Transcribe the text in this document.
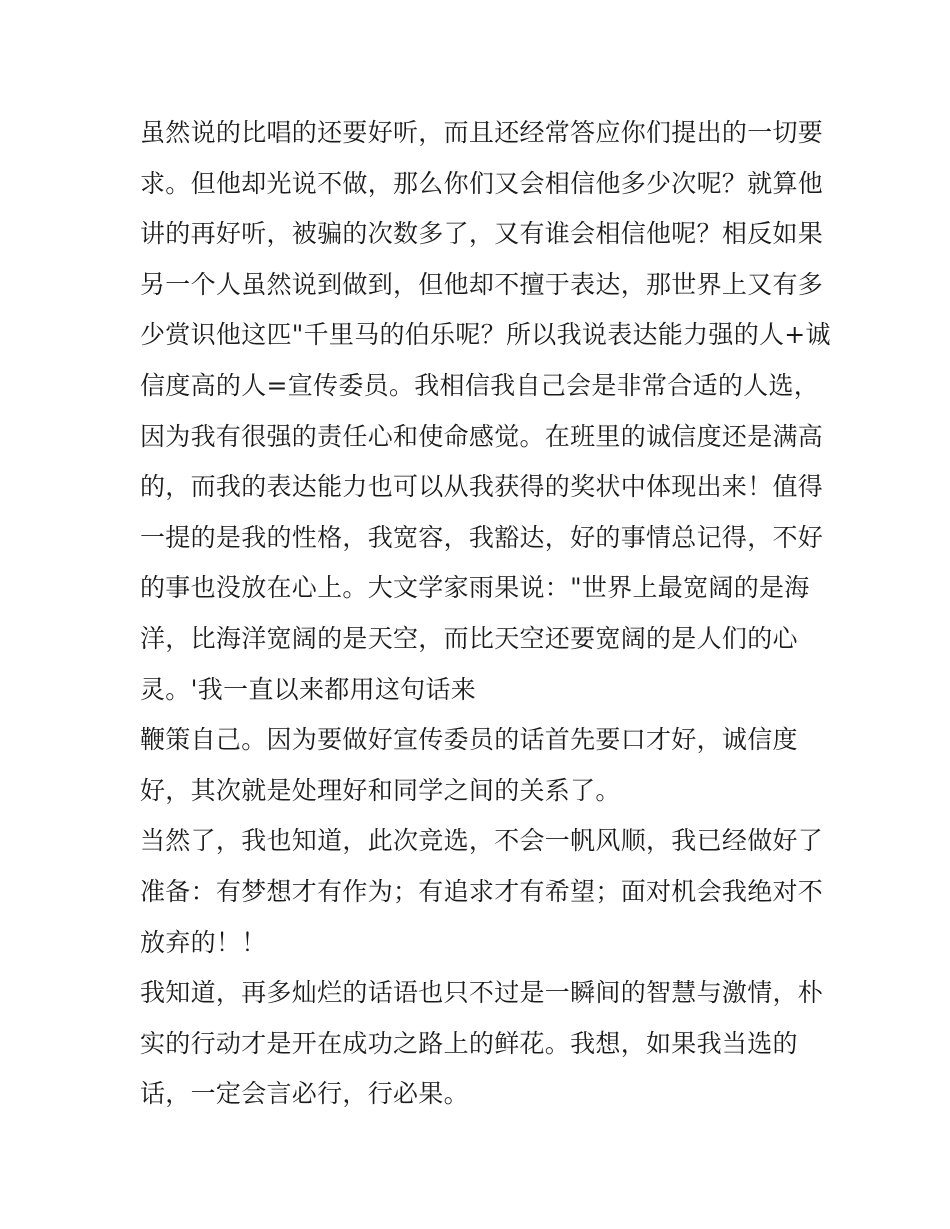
虽然说的比唱的还要好听，而且还经常答应你们提出的一切要
求。但他却光说不做，那么你们又会相信他多少次呢？就算他
讲的再好听，被骗的次数多了，又有谁会相信他呢？相反如果
另一个人虽然说到做到，但他却不擅于表达，那世界上又有多
少赏识他这匹"千里马的伯乐呢？所以我说表达能力强的人+诚
信度高的人=宣传委员。我相信我自己会是非常合适的人选，
因为我有很强的责任心和使命感觉。在班里的诚信度还是满高
的，而我的表达能力也可以从我获得的奖状中体现出来！值得
一提的是我的性格，我宽容，我豁达，好的事情总记得，不好
的事也没放在心上。大文学家雨果说："世界上最宽阔的是海
洋，比海洋宽阔的是天空，而比天空还要宽阔的是人们的心
灵。'我一直以来都用这句话来
鞭策自己。因为要做好宣传委员的话首先要口才好，诚信度
好，其次就是处理好和同学之间的关系了。
当然了，我也知道，此次竞选，不会一帆风顺，我已经做好了
准备：有梦想才有作为；有追求才有希望；面对机会我绝对不
放弃的！！
我知道，再多灿烂的话语也只不过是一瞬间的智慧与激情，朴
实的行动才是开在成功之路上的鲜花。我想，如果我当选的
话，一定会言必行，行必果。
